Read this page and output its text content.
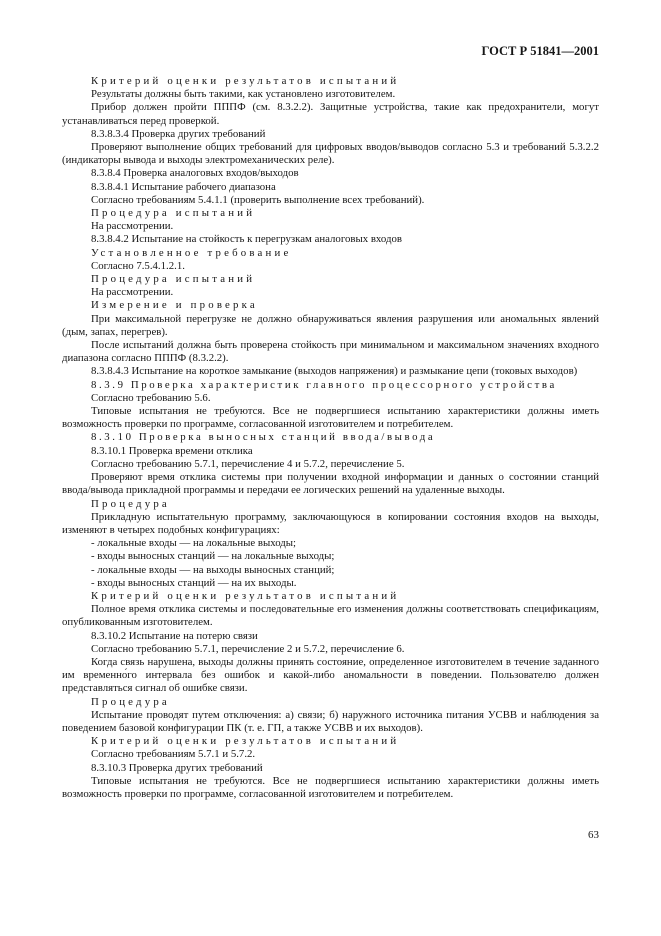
ГОСТ Р 51841—2001

Критерий оценки результатов испытаний

Результаты должны быть такими, как установлено изготовителем.

Прибор должен пройти ПППФ (см. 8.3.2.2). Защитные устройства, такие как предохранители, могут устанавливаться перед проверкой.

8.3.8.3.4 Проверка других требований

Проверяют выполнение общих требований для цифровых вводов/выводов согласно 5.3 и требований 5.3.2.2 (индикаторы вывода и выходы электромеханических реле).

8.3.8.4 Проверка аналоговых входов/выходов

8.3.8.4.1 Испытание рабочего диапазона

Согласно требованиям 5.4.1.1 (проверить выполнение всех требований).

Процедура испытаний

На рассмотрении.

8.3.8.4.2 Испытание на стойкость к перегрузкам аналоговых входов

Установленное требование

Согласно 7.5.4.1.2.1.

Процедура испытаний

На рассмотрении.

Измерение и проверка

При максимальной перегрузке не должно обнаруживаться явления разрушения или аномальных явлений (дым, запах, перегрев).

После испытаний должна быть проверена стойкость при минимальном и максимальном значениях входного диапазона согласно ПППФ (8.3.2.2).

8.3.8.4.3 Испытание на короткое замыкание (выходов напряжения) и размыкание цепи (токовых выходов)

8.3.9 Проверка характеристик главного процессорного устройства

Согласно требованию 5.6.

Типовые испытания не требуются. Все не подвергшиеся испытанию характеристики должны иметь возможность проверки по программе, согласованной изготовителем и потребителем.

8.3.10 Проверка выносных станций ввода/вывода

8.3.10.1 Проверка времени отклика

Согласно требованию 5.7.1, перечисление 4 и 5.7.2, перечисление 5.

Проверяют время отклика системы при получении входной информации и данных о состоянии станций ввода/вывода прикладной программы и передачи ее логических решений на удаленные выходы.

Процедура

Прикладную испытательную программу, заключающуюся в копировании состояния входов на выходы, изменяют в четырех подобных конфигурациях:

- локальные входы — на локальные выходы;
- входы выносных станций — на локальные выходы;
- локальные входы — на выходы выносных станций;
- входы выносных станций — на их выходы.

Критерий оценки результатов испытаний

Полное время отклика системы и последовательные его изменения должны соответствовать спецификациям, опубликованным изготовителем.

8.3.10.2 Испытание на потерю связи

Согласно требованию 5.7.1, перечисление 2 и 5.7.2, перечисление 6.

Когда связь нарушена, выходы должны принять состояние, определенное изготовителем в течение заданного им временно́го интервала без ошибок и какой-либо аномальности в поведении. Пользователю должен представляться сигнал об ошибке связи.

Процедура

Испытание проводят путем отключения: а) связи; б) наружного источника питания УСВВ и наблюдения за поведением базовой конфигурации ПК (т. е. ГП, а также УСВВ и их выходов).

Критерий оценки результатов испытаний

Согласно требованиям 5.7.1 и 5.7.2.

8.3.10.3 Проверка других требований

Типовые испытания не требуются. Все не подвергшиеся испытанию характеристики должны иметь возможность проверки по программе, согласованной изготовителем и потребителем.

63
